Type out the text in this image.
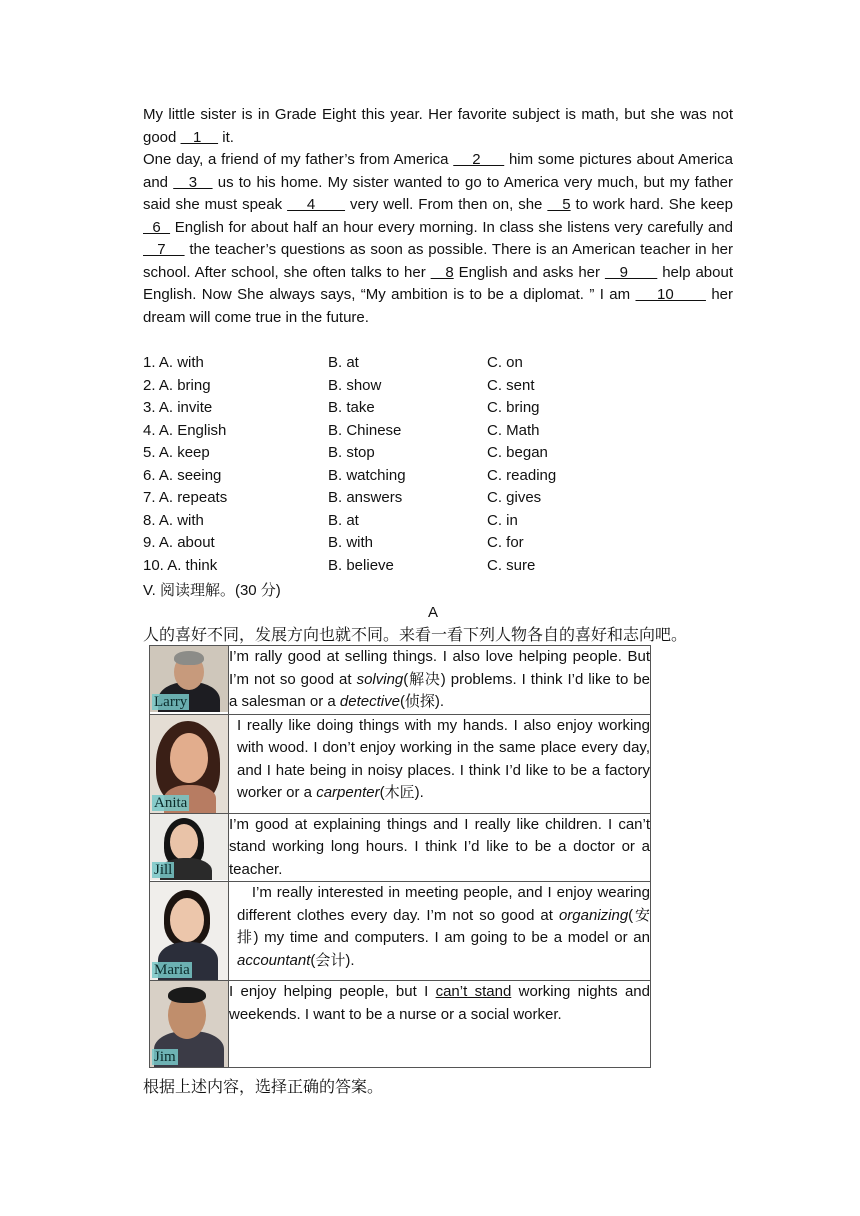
My little sister is in Grade Eight this year. Her favorite subject is math, but she was not good    1     it.

One day, a friend of my father’s from America     2      him some pictures about America and    3    us to his home. My sister wanted to go to America very much, but my father said she must speak     4       very well. From then on, she    5 to work hard. She keep   6   English for about half an hour every morning. In class she listens very carefully and    7     the teacher’s questions as soon as possible. There is an American teacher in her school. After school, she often talks to her    8 English and asks her    9       help about English. Now She always says, “My ambition is to be a diplomat. ” I am     10       her dream will come true in the future.

1. A. with	B. at	C. on
2. A. bring	B. show	C. sent
3. A. invite	B. take	C. bring
4. A. English	B. Chinese	C. Math
5. A. keep	B. stop	C. began
6. A. seeing	B. watching	C. reading
7. A. repeats	B. answers	C. gives
8. A. with	B. at	C. in
9. A. about	B. with	C. for
10. A. think	B. believe	C. sure
V. 阅读理解。(30 分)
A
人的喜好不同，发展方向也就不同。来看一看下列人物各自的喜好和志向吧。
Larry	I’m rally good at selling things. I also love helping people. But I’m not so good at solving(解决) problems. I think I’d like to be a salesman or a detective(侦探).

Anita	I really like doing things with my hands. I also enjoy working with wood. I don’t enjoy working in the same place every day, and I hate being in noisy places. I think I’d like to be a factory worker or a carpenter(木匠).

Jill	I’m good at explaining things and I really like children. I can’t stand working long hours. I think I’d like to be a doctor or a teacher.

Maria	I’m really interested in meeting people, and I enjoy wearing different clothes every day. I’m not so good at organizing(安排) my time and computers. I am going to be a model or an accountant(会计).

Jim	I enjoy helping people, but I can’t stand working nights and weekends. I want to be a nurse or a social worker.
根据上述内容，选择正确的答案。
